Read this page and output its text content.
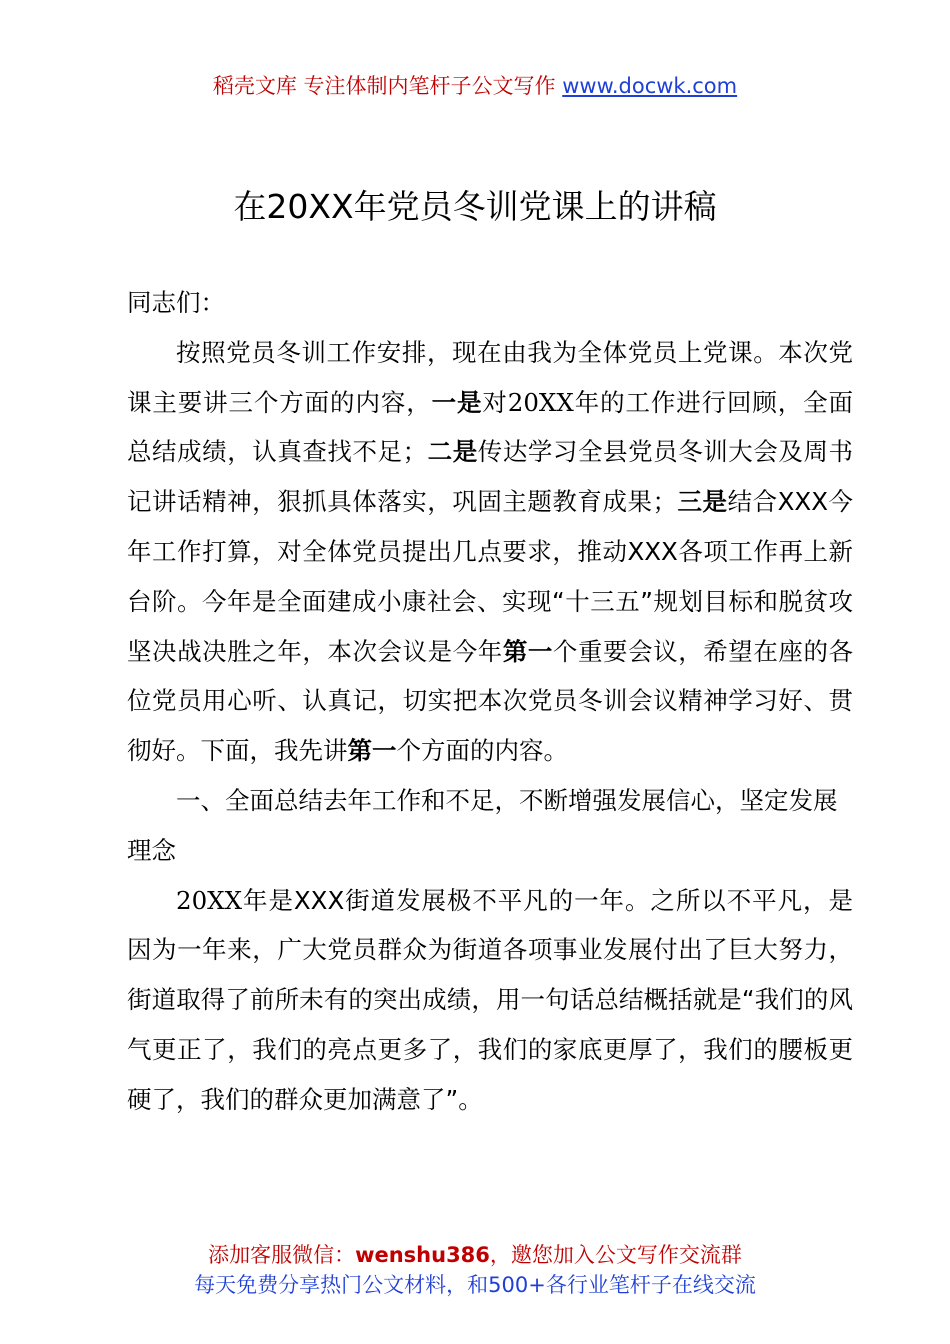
稻壳文库 专注体制内笔杆子公文写作 www.docwk.com
在20XX年党员冬训党课上的讲稿

同志们：

按照党员冬训工作安排，现在由我为全体党员上党课。本次党课主要讲三个方面的内容，一是对20XX年的工作进行回顾，全面总结成绩，认真查找不足；二是传达学习全县党员冬训大会及周书记讲话精神，狠抓具体落实，巩固主题教育成果；三是结合XXX今年工作打算，对全体党员提出几点要求，推动XXX各项工作再上新台阶。今年是全面建成小康社会、实现“十三五”规划目标和脱贫攻坚决战决胜之年，本次会议是今年第一个重要会议，希望在座的各位党员用心听、认真记，切实把本次党员冬训会议精神学习好、贯彻好。下面，我先讲第一个方面的内容。

一、全面总结去年工作和不足，不断增强发展信心，坚定发展理念

20XX年是XXX街道发展极不平凡的一年。之所以不平凡，是因为一年来，广大党员群众为街道各项事业发展付出了巨大努力，街道取得了前所未有的突出成绩，用一句话总结概括就是“我们的风气更正了，我们的亮点更多了，我们的家底更厚了，我们的腰板更硬了，我们的群众更加满意了”。

添加客服微信：wenshu386，邀您加入公文写作交流群
每天免费分享热门公文材料，和500+各行业笔杆子在线交流
